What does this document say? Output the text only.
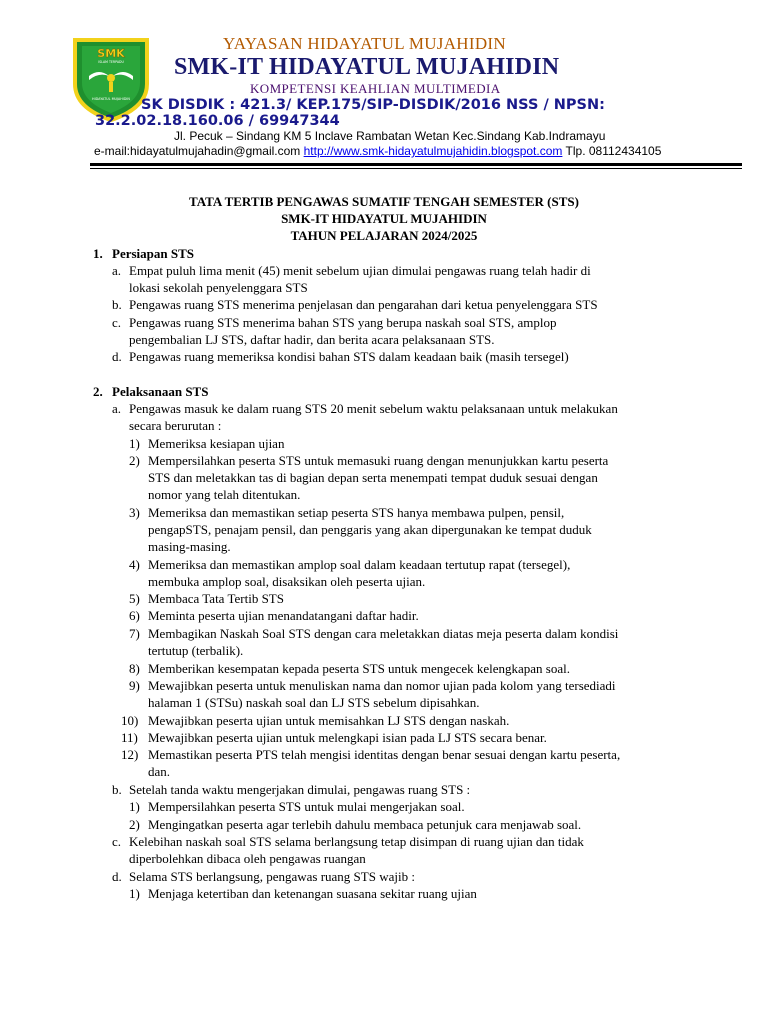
SMK
ISLAM TERPADU
HIDAYATUL MUJAHIDIN
YAYASAN HIDAYATUL MUJAHIDIN
SMK-IT HIDAYATUL MUJAHIDIN
KOMPETENSI KEAHLIAN MULTIMEDIA
SK DISDIK : 421.3/ KEP.175/SIP-DISDIK/2016 NSS / NPSN:
32.2.02.18.160.06 / 69947344
Jl. Pecuk – Sindang KM 5 Inclave Rambatan Wetan Kec.Sindang Kab.Indramayu
e-mail:hidayatulmujahadin@gmail.com http://www.smk-hidayatulmujahidin.blogspot.com Tlp. 08112434105
TATA TERTIB PENGAWAS SUMATIF TENGAH SEMESTER (STS)
SMK-IT HIDAYATUL MUJAHIDIN
TAHUN PELAJARAN 2024/2025
1. Persiapan STS
a. Empat puluh lima menit (45) menit sebelum ujian dimulai pengawas ruang telah hadir di
lokasi sekolah penyelenggara STS
b. Pengawas ruang STS menerima penjelasan dan pengarahan dari ketua penyelenggara STS
c. Pengawas ruang STS menerima bahan STS yang berupa naskah soal STS, amplop
pengembalian LJ STS, daftar hadir, dan berita acara pelaksanaan STS.
d. Pengawas ruang memeriksa kondisi bahan STS dalam keadaan baik (masih tersegel)
2. Pelaksanaan STS
a. Pengawas masuk ke dalam ruang STS 20 menit sebelum waktu pelaksanaan untuk melakukan
secara berurutan :
1) Memeriksa kesiapan ujian
2) Mempersilahkan peserta STS untuk memasuki ruang dengan menunjukkan kartu peserta
STS dan meletakkan tas di bagian depan serta menempati tempat duduk sesuai dengan
nomor yang telah ditentukan.
3) Memeriksa dan memastikan setiap peserta STS hanya membawa pulpen, pensil,
pengapSTS, penajam pensil, dan penggaris yang akan dipergunakan ke tempat duduk
masing-masing.
4) Memeriksa dan memastikan amplop soal dalam keadaan tertutup rapat (tersegel),
membuka amplop soal, disaksikan oleh peserta ujian.
5) Membaca Tata Tertib STS
6) Meminta peserta ujian menandatangani daftar hadir.
7) Membagikan Naskah Soal STS dengan cara meletakkan diatas meja peserta dalam kondisi
tertutup (terbalik).
8) Memberikan kesempatan kepada peserta STS untuk mengecek kelengkapan soal.
9) Mewajibkan peserta untuk menuliskan nama dan nomor ujian pada kolom yang tersediadi
halaman 1 (STSu) naskah soal dan LJ STS sebelum dipisahkan.
10) Mewajibkan peserta ujian untuk memisahkan LJ STS dengan naskah.
11) Mewajibkan peserta ujian untuk melengkapi isian pada LJ STS secara benar.
12) Memastikan peserta PTS telah mengisi identitas dengan benar sesuai dengan kartu peserta,
dan.
b. Setelah tanda waktu mengerjakan dimulai, pengawas ruang STS :
1) Mempersilahkan peserta STS untuk mulai mengerjakan soal.
2) Mengingatkan peserta agar terlebih dahulu membaca petunjuk cara menjawab soal.
c. Kelebihan naskah soal STS selama berlangsung tetap disimpan di ruang ujian dan tidak
diperbolehkan dibaca oleh pengawas ruangan
d. Selama STS berlangsung, pengawas ruang STS wajib :
1) Menjaga ketertiban dan ketenangan suasana sekitar ruang ujian
